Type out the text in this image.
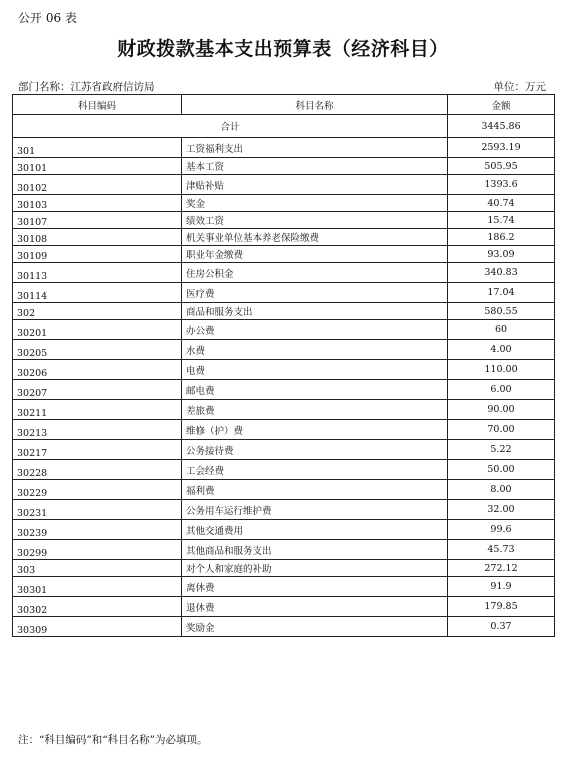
公开 06 表
财政拨款基本支出预算表（经济科目）
部门名称：江苏省政府信访局	单位：万元
科目编码	科目名称	金额
合计		3445.86
301	工资福利支出	2593.19
30101	基本工资	505.95
30102	津贴补贴	1393.6
30103	奖金	40.74
30107	绩效工资	15.74
30108	机关事业单位基本养老保险缴费	186.2
30109	职业年金缴费	93.09
30113	住房公积金	340.83
30114	医疗费	17.04
302	商品和服务支出	580.55
30201	办公费	60
30205	水费	4.00
30206	电费	110.00
30207	邮电费	6.00
30211	差旅费	90.00
30213	维修（护）费	70.00
30217	公务接待费	5.22
30228	工会经费	50.00
30229	福利费	8.00
30231	公务用车运行维护费	32.00
30239	其他交通费用	99.6
30299	其他商品和服务支出	45.73
303	对个人和家庭的补助	272.12
30301	离休费	91.9
30302	退休费	179.85
30309	奖励金	0.37
注：“科目编码”和“科目名称”为必填项。
